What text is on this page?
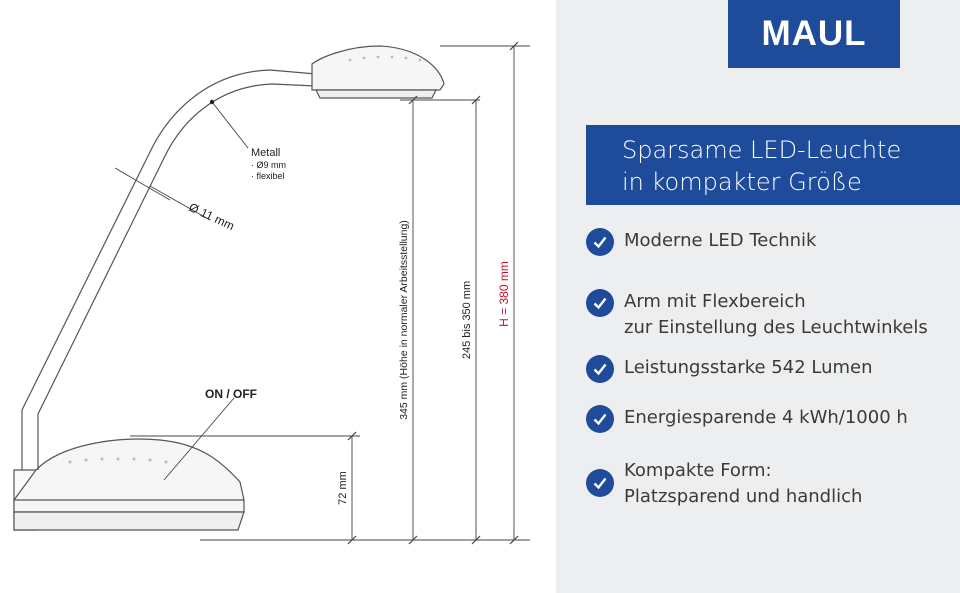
Metall
· Ø9 mm
· flexibel
Ø 11 mm
ON / OFF
72 mm
345 mm (Höhe in normaler Arbeitsstellung)	245 bis 350 mm H = 380 mm
MAUL
Sparsame LED-Leuchte
in kompakter Größe
Moderne LED Technik
Arm mit Flexbereich
zur Einstellung des Leuchtwinkels
Leistungsstarke 542 Lumen
Energiesparende 4 kWh/1000 h
Kompakte Form:
Platzsparend und handlich
